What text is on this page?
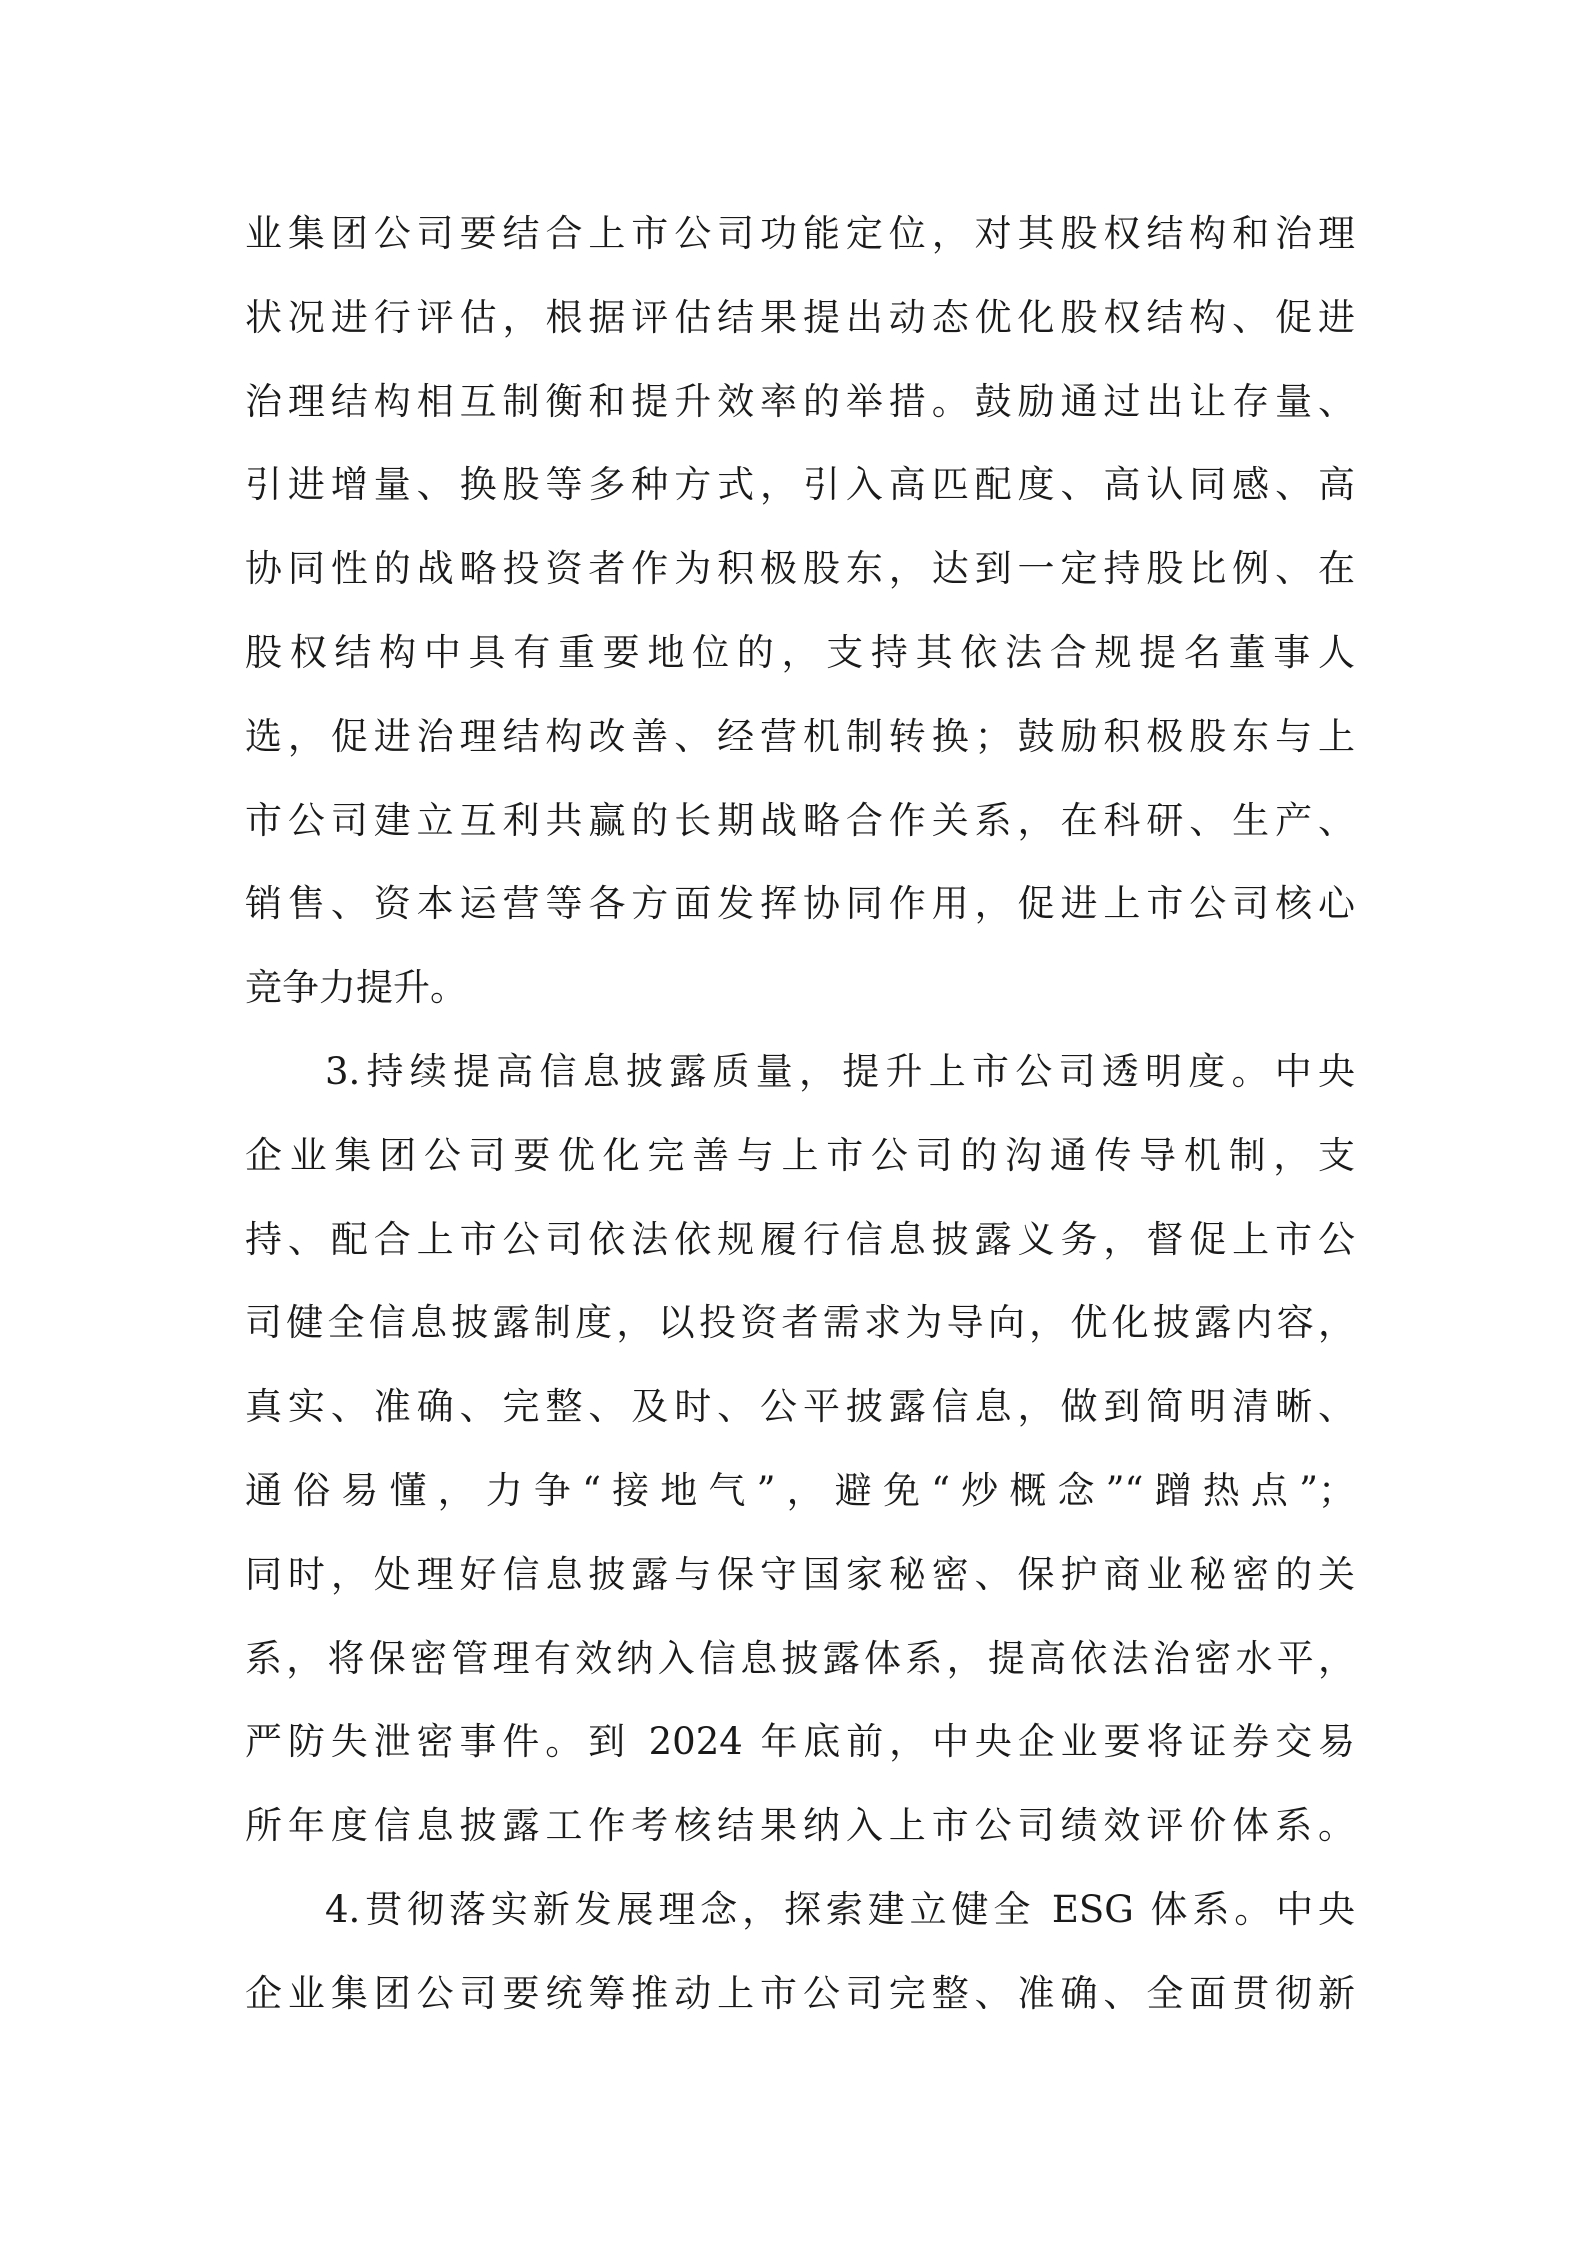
业集团公司要结合上市公司功能定位，对其股权结构和治理
状况进行评估，根据评估结果提出动态优化股权结构、促进
治理结构相互制衡和提升效率的举措。鼓励通过出让存量、
引进增量、换股等多种方式，引入高匹配度、高认同感、高
协同性的战略投资者作为积极股东，达到一定持股比例、在
股权结构中具有重要地位的，支持其依法合规提名董事人
选，促进治理结构改善、经营机制转换；鼓励积极股东与上
市公司建立互利共赢的长期战略合作关系，在科研、生产、
销售、资本运营等各方面发挥协同作用，促进上市公司核心
竞争力提升。
3.持续提高信息披露质量，提升上市公司透明度。中央
企业集团公司要优化完善与上市公司的沟通传导机制，支
持、配合上市公司依法依规履行信息披露义务，督促上市公
司健全信息披露制度，以投资者需求为导向，优化披露内容，
真实、准确、完整、及时、公平披露信息，做到简明清晰、
通俗易懂，力争“接地气”，避免“炒概念”“蹭热点”；
同时，处理好信息披露与保守国家秘密、保护商业秘密的关
系，将保密管理有效纳入信息披露体系，提高依法治密水平，
严防失泄密事件。到 2024 年底前，中央企业要将证券交易
所年度信息披露工作考核结果纳入上市公司绩效评价体系。
4.贯彻落实新发展理念，探索建立健全 ESG 体系。中央
企业集团公司要统筹推动上市公司完整、准确、全面贯彻新
